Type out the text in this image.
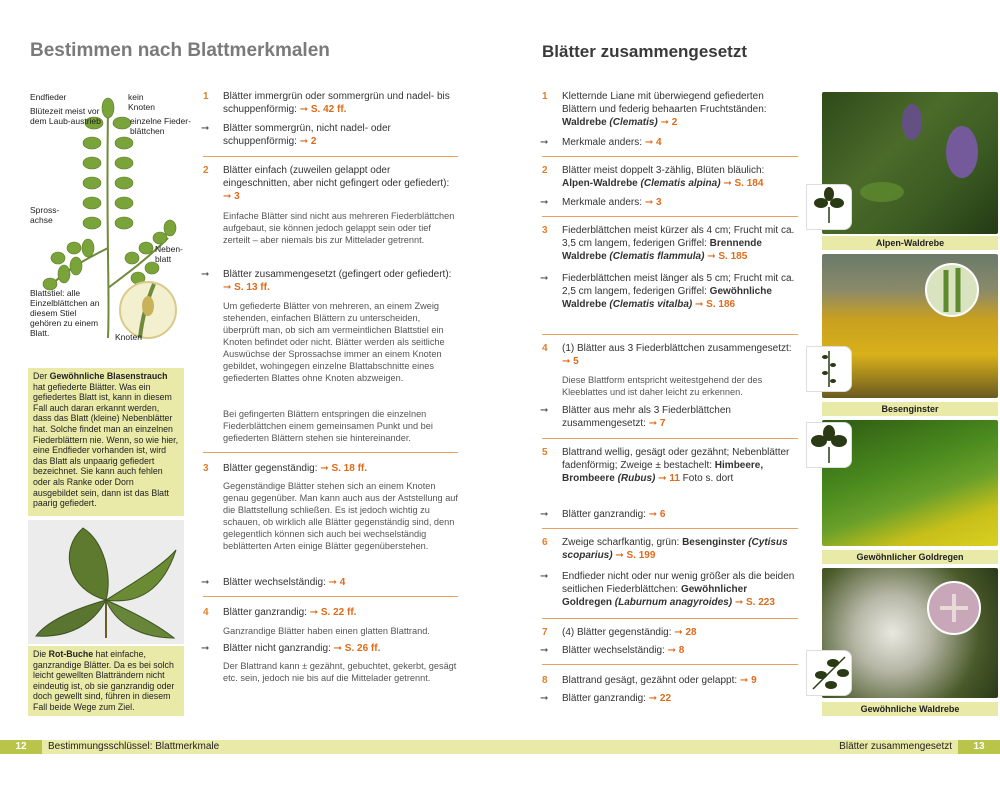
Bestimmen nach Blattmerkmalen
Endfieder
Blütezeit meist vor dem Laub-austrieb
kein Knoten
einzelne Fieder-blättchen
Spross-achse
Neben-blatt
Blattstiel: alle Einzelblättchen an diesem Stiel gehören zu einem Blatt.	Knoten
Der Gewöhnliche Blasenstrauch hat gefiederte Blätter. Was ein gefiedertes Blatt ist, kann in diesem Fall auch daran erkannt werden, dass das Blatt (kleine) Nebenblätter hat. Solche findet man an einzelnen Fiederblättern nie. Wenn, so wie hier, eine Endfieder vorhanden ist, wird das Blatt als unpaarig gefiedert bezeichnet. Sie kann auch fehlen oder als Ranke oder Dorn ausgebildet sein, dann ist das Blatt paarig gefiedert.
Die Rot-Buche hat einfache, ganzrandige Blätter. Da es bei solch leicht gewellten Blatträndern nicht eindeutig ist, ob sie ganzrandig oder doch gewellt sind, führen in diesem Fall beide Wege zum Ziel.
1 Blätter immergrün oder sommergrün und nadel- bis schuppenförmig: ➞ S. 42 ff.
➞ Blätter sommergrün, nicht nadel- oder schuppenförmig: ➞ 2
2 Blätter einfach (zuweilen gelappt oder eingeschnitten, aber nicht gefingert oder gefiedert): ➞ 3
Einfache Blätter sind nicht aus mehreren Fiederblättchen aufgebaut, sie können jedoch gelappt sein oder tief zerteilt – aber niemals bis zur Mittelader getrennt.
➞ Blätter zusammengesetzt (gefingert oder gefiedert): ➞ S. 13 ff.
Um gefiederte Blätter von mehreren, an einem Zweig stehenden, einfachen Blättern zu unterscheiden, überprüft man, ob sich am vermeintlichen Blattstiel ein Knoten befindet oder nicht. Blätter werden als seitliche Auswüchse der Sprossachse immer an einem Knoten gebildet, wohingegen einzelne Blattabschnitte eines gefiederten Blattes ohne Knoten abzweigen.
Bei gefingerten Blättern entspringen die einzelnen Fiederblättchen einem gemeinsamen Punkt und bei gefiederten Blättern stehen sie hintereinander.
3 Blätter gegenständig: ➞ S. 18 ff.
Gegenständige Blätter stehen sich an einem Knoten genau gegenüber. Man kann auch aus der Aststellung auf die Blattstellung schließen. Es ist jedoch wichtig zu schauen, ob wirklich alle Blätter gegenständig sind, denn gelegentlich können sich auch bei wechselständig beblätterten Arten einige Blätter gegenüberstehen.
➞ Blätter wechselständig: ➞ 4
4 Blätter ganzrandig: ➞ S. 22 ff.
Ganzrandige Blätter haben einen glatten Blattrand.
➞ Blätter nicht ganzrandig: ➞ S. 26 ff.
Der Blattrand kann ± gezähnt, gebuchtet, gekerbt, gesägt etc. sein, jedoch nie bis auf die Mittelader getrennt.
Blätter zusammengesetzt
1 Kletternde Liane mit überwiegend gefiederten Blättern und federig behaarten Fruchtständen: Waldrebe (Clematis) ➞ 2
➞ Merkmale anders: ➞ 4
2 Blätter meist doppelt 3-zählig, Blüten bläulich: Alpen-Waldrebe (Clematis alpina) ➞ S. 184
➞ Merkmale anders: ➞ 3
3 Fiederblättchen meist kürzer als 4 cm; Frucht mit ca. 3,5 cm langem, federigen Griffel: Brennende Waldrebe (Clematis flammula) ➞ S. 185
➞ Fiederblättchen meist länger als 5 cm; Frucht mit ca. 2,5 cm langem, federigen Griffel: Gewöhnliche Waldrebe (Clematis vitalba) ➞ S. 186
4 (1) Blätter aus 3 Fiederblättchen zusammengesetzt: ➞ 5
Diese Blattform entspricht weitestgehend der des Kleeblattes und ist daher leicht zu erkennen.
➞ Blätter aus mehr als 3 Fiederblättchen zusammengesetzt: ➞ 7
5 Blattrand wellig, gesägt oder gezähnt; Nebenblätter fadenförmig; Zweige ± bestachelt: Himbeere, Brombeere (Rubus) ➞ 11 Foto s. dort
➞ Blätter ganzrandig: ➞ 6
6 Zweige scharfkantig, grün: Besenginster (Cytisus scoparius) ➞ S. 199
➞ Endfieder nicht oder nur wenig größer als die beiden seitlichen Fiederblättchen: Gewöhnlicher Goldregen (Laburnum anagyroides) ➞ S. 223
7 (4) Blätter gegenständig: ➞ 28
➞ Blätter wechselständig: ➞ 8
8 Blattrand gesägt, gezähnt oder gelappt: ➞ 9
➞ Blätter ganzrandig: ➞ 22
Alpen-Waldrebe
Besenginster
Gewöhnlicher Goldregen
Gewöhnliche Waldrebe
12	Bestimmungsschlüssel: Blattmerkmale	Blätter zusammengesetzt	13
